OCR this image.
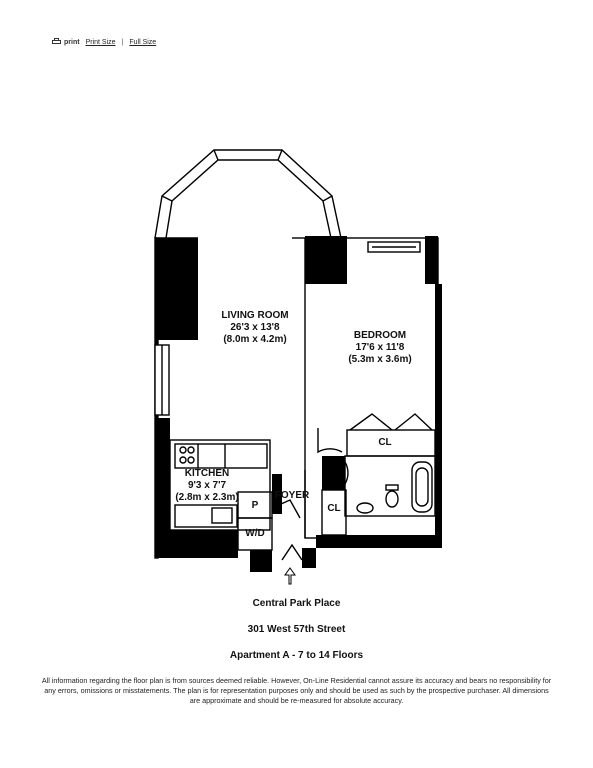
print Print Size | Full Size
LIVING ROOM
26'3 x 13'8
(8.0m x 4.2m)	BEDROOM
17'6 x 11'8
(5.3m x 3.6m)
KITCHEN
9'3 x 7'7
(2.8m x 2.3m)	FOYER
CL
CL
P
W/D
Central Park Place
301 West 57th Street
Apartment A - 7 to 14 Floors
All information regarding the floor plan is from sources deemed reliable. However, On-Line Residential cannot assure its accuracy and bears no responsibility for any errors, omissions or misstatements. The plan is for representation purposes only and should be used as such by the prospective purchaser. All dimensions are approximate and should be re-measured for absolute accuracy.
